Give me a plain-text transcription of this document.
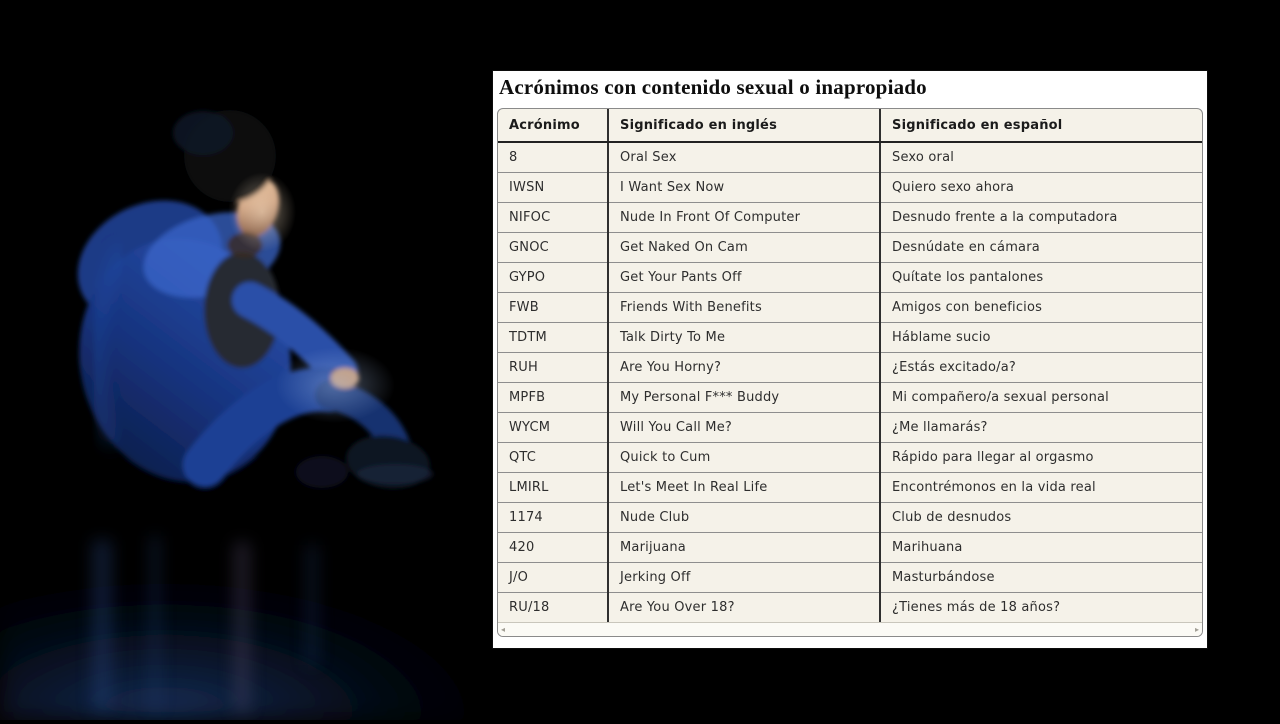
Acrónimos con contenido sexual o inapropiado
Acrónimo	Significado en inglés	Significado en español
8	Oral Sex	Sexo oral
IWSN	I Want Sex Now	Quiero sexo ahora
NIFOC	Nude In Front Of Computer	Desnudo frente a la computadora
GNOC	Get Naked On Cam	Desnúdate en cámara
GYPO	Get Your Pants Off	Quítate los pantalones
FWB	Friends With Benefits	Amigos con beneficios
TDTM	Talk Dirty To Me	Háblame sucio
RUH	Are You Horny?	¿Estás excitado/a?
MPFB	My Personal F*** Buddy	Mi compañero/a sexual personal
WYCM	Will You Call Me?	¿Me llamarás?
QTC	Quick to Cum	Rápido para llegar al orgasmo
LMIRL	Let's Meet In Real Life	Encontrémonos en la vida real
1174	Nude Club	Club de desnudos
420	Marijuana	Marihuana
J/O	Jerking Off	Masturbándose
RU/18	Are You Over 18?	¿Tienes más de 18 años?
◂	▸
